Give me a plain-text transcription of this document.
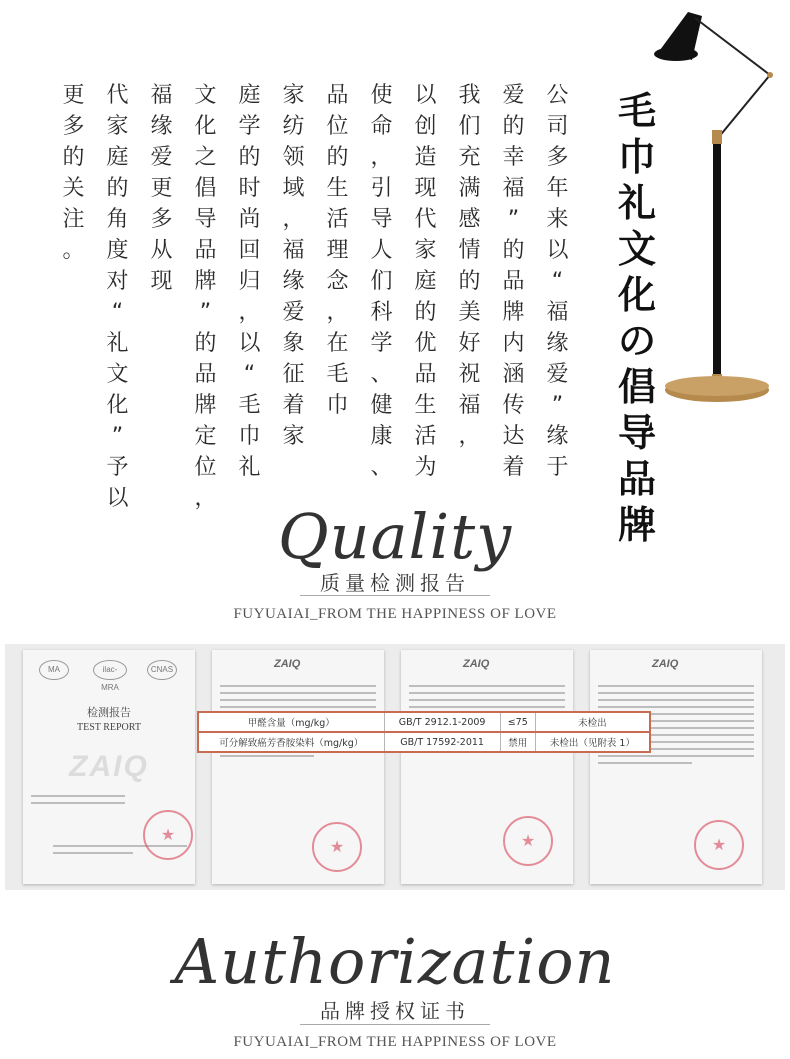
公
司
多
年
来
以
“
福
缘
爱
”
缘
于
爱
的
幸
福
”
的
品
牌
内
涵
传
达
着
我
们
充
满
感
情
的
美
好
祝
福
，
以
创
造
现
代
家
庭
的
优
品
生
活
为
使
命
，
引
导
人
们
科
学
、
健
康
、
品
位
的
生
活
理
念
，
在
毛
巾
家
纺
领
域
，
福
缘
爱
象
征
着
家
庭
学
的
时
尚
回
归
，
以
“
毛
巾
礼
文
化
之
倡
导
品
牌
”
的
品
牌
定
位
，
福
缘
爱
更
多
从
现
代
家
庭
的
角
度
对
“
礼
文
化
”
予
以
更
多
的
关
注
。
毛
巾
礼
文
化
の
倡
导
品
牌
Quality
质量检测报告
FUYUAIAI_FROM THE HAPPINESS OF LOVE
MA	ilac-MRA
CNAS
检测报告
TEST REPORT
ZAIQ
★
ZAIQ
★
ZAIQ
★
ZAIQ
★
甲醛含量（mg/kg）	GB/T 2912.1-2009	≤75	未检出
可分解致癌芳香胺染料（mg/kg）	GB/T 17592-2011	禁用	未检出（见附表 1）
Authorization
品牌授权证书
FUYUAIAI_FROM THE HAPPINESS OF LOVE
